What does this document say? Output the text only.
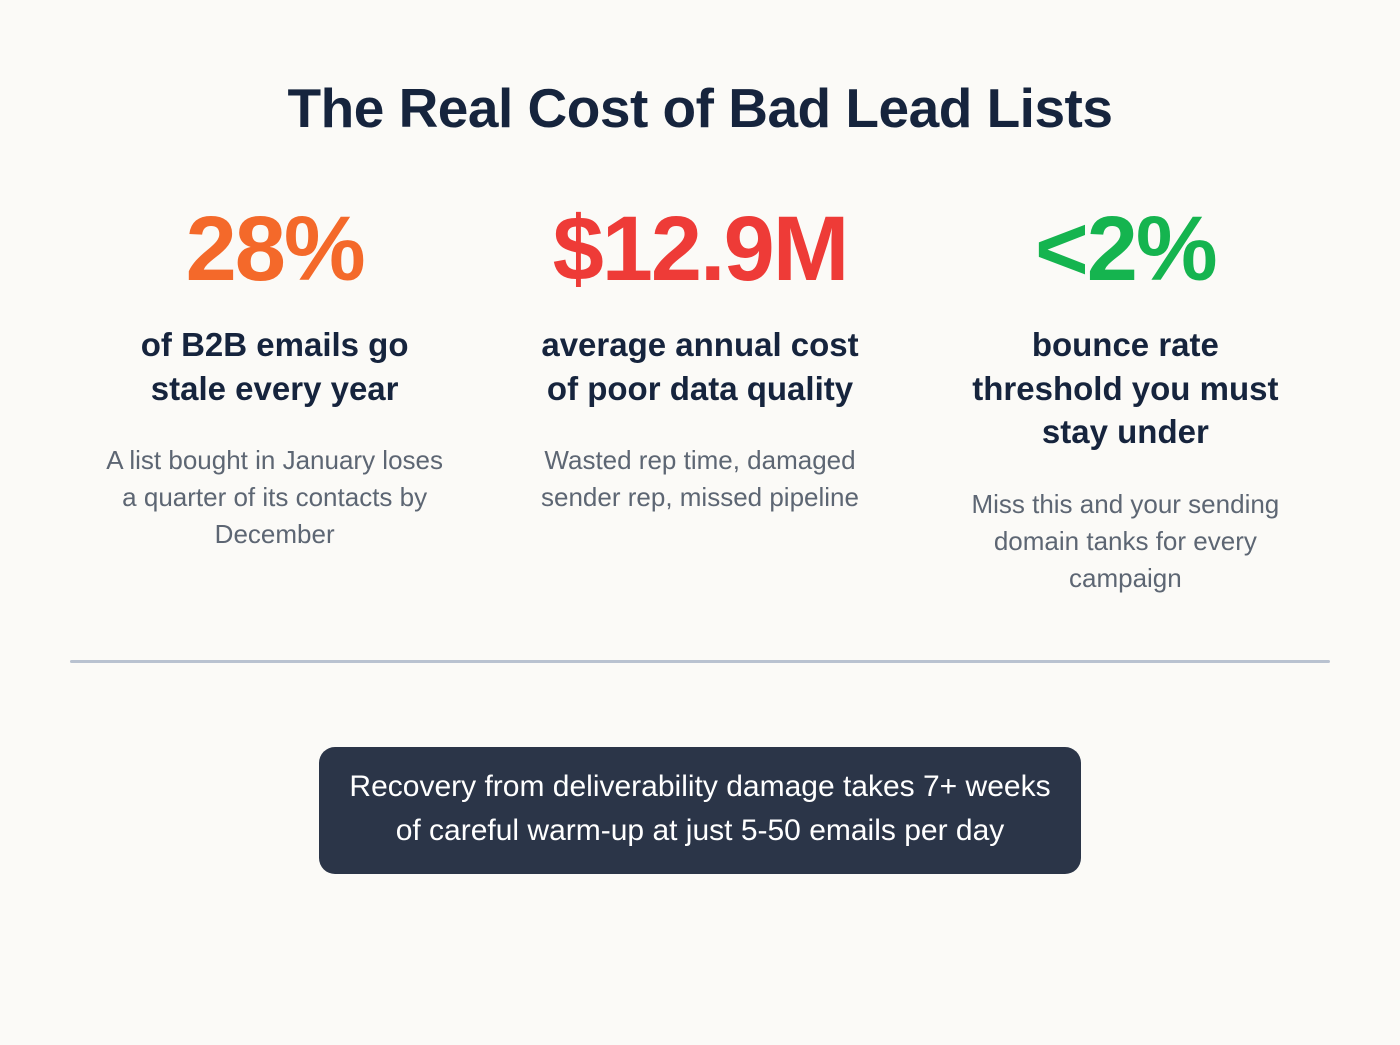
The Real Cost of Bad Lead Lists
28%
of B2B emails go stale every year
A list bought in January loses a quarter of its contacts by December
$12.9M
average annual cost of poor data quality
Wasted rep time, damaged sender rep, missed pipeline
<2%
bounce rate threshold you must stay under
Miss this and your sending domain tanks for every campaign
Recovery from deliverability damage takes 7+ weeks
of careful warm-up at just 5-50 emails per day
